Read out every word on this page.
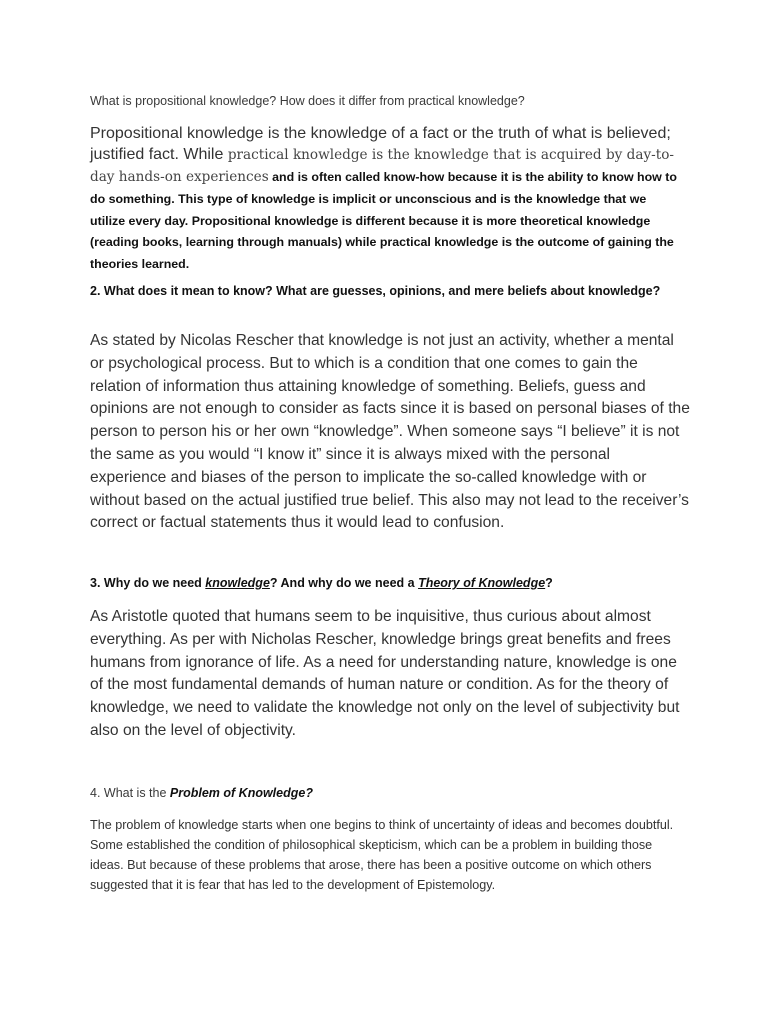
What is propositional knowledge? How does it differ from practical knowledge?
Propositional knowledge is the knowledge of a fact or the truth of what is believed; justified fact. While practical knowledge is the knowledge that is acquired by day-to-day hands-on experiences and is often called know-how because it is the ability to know how to do something. This type of knowledge is implicit or unconscious and is the knowledge that we utilize every day. Propositional knowledge is different because it is more theoretical knowledge (reading books, learning through manuals) while practical knowledge is the outcome of gaining the theories learned.
2. What does it mean to know? What are guesses, opinions, and mere beliefs about knowledge?
As stated by Nicolas Rescher that knowledge is not just an activity, whether a mental or psychological process. But to which is a condition that one comes to gain the relation of information thus attaining knowledge of something. Beliefs, guess and opinions are not enough to consider as facts since it is based on personal biases of the person to person his or her own “knowledge”. When someone says “I believe” it is not the same as you would “I know it” since it is always mixed with the personal experience and biases of the person to implicate the so-called knowledge with or without based on the actual justified true belief. This also may not lead to the receiver’s correct or factual statements thus it would lead to confusion.
3. Why do we need knowledge? And why do we need a Theory of Knowledge?
As Aristotle quoted that humans seem to be inquisitive, thus curious about almost everything. As per with Nicholas Rescher, knowledge brings great benefits and frees humans from ignorance of life. As a need for understanding nature, knowledge is one of the most fundamental demands of human nature or condition. As for the theory of knowledge, we need to validate the knowledge not only on the level of subjectivity but also on the level of objectivity.
4. What is the Problem of Knowledge?
The problem of knowledge starts when one begins to think of uncertainty of ideas and becomes doubtful. Some established the condition of philosophical skepticism, which can be a problem in building those ideas. But because of these problems that arose, there has been a positive outcome on which others suggested that it is fear that has led to the development of Epistemology.
